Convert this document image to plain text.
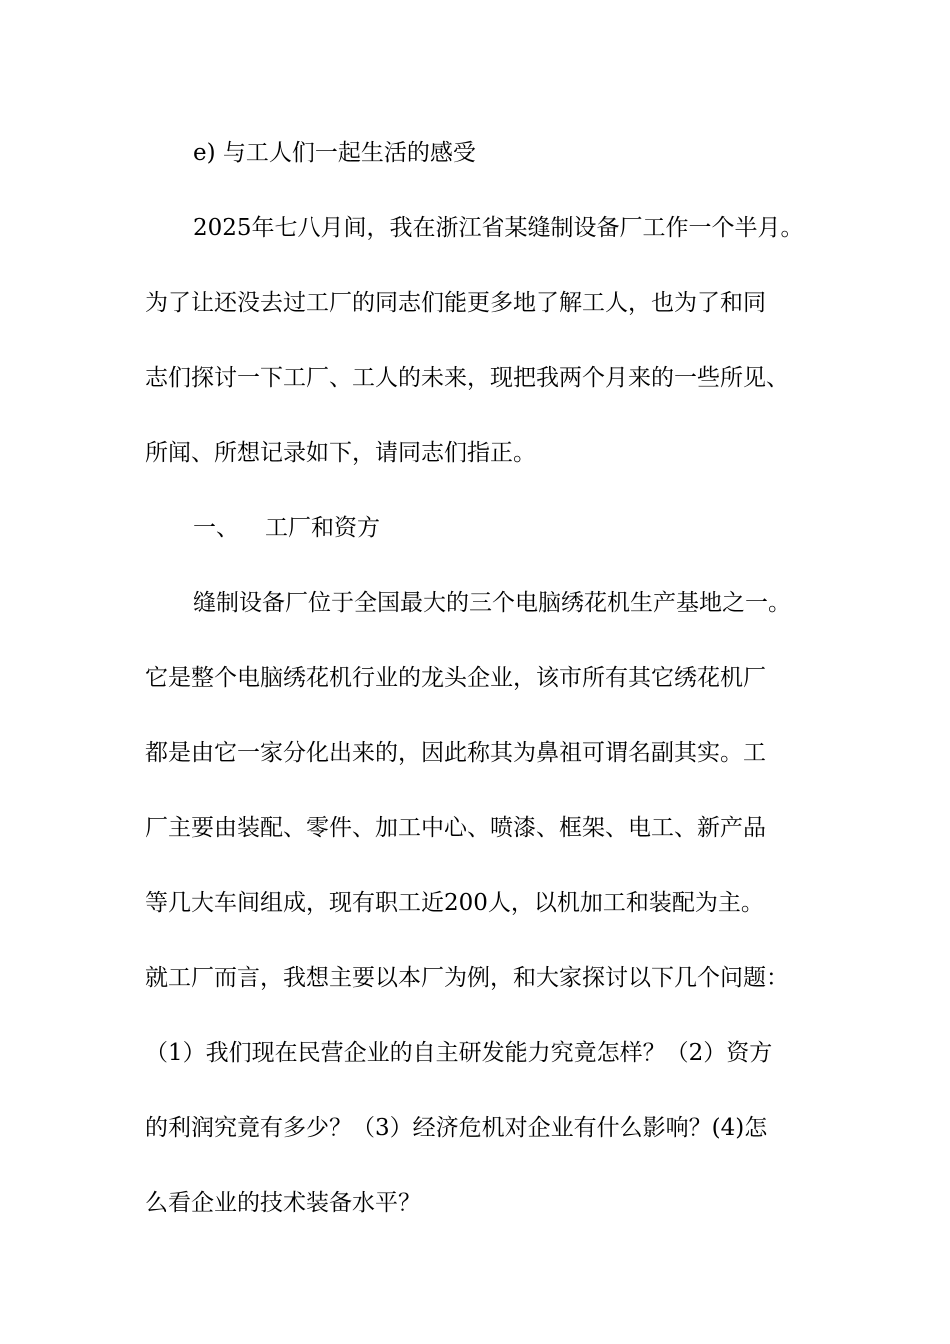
e) 与工人们一起生活的感受
2025年七八月间，我在浙江省某缝制设备厂工作一个半月。
为了让还没去过工厂的同志们能更多地了解工人，也为了和同
志们探讨一下工厂、工人的未来，现把我两个月来的一些所见、
所闻、所想记录如下，请同志们指正。
一、 工厂和资方
缝制设备厂位于全国最大的三个电脑绣花机生产基地之一。
它是整个电脑绣花机行业的龙头企业，该市所有其它绣花机厂
都是由它一家分化出来的，因此称其为鼻祖可谓名副其实。工
厂主要由装配、零件、加工中心、喷漆、框架、电工、新产品
等几大车间组成，现有职工近200人，以机加工和装配为主。
就工厂而言，我想主要以本厂为例，和大家探讨以下几个问题：
（1）我们现在民营企业的自主研发能力究竟怎样？（2）资方
的利润究竟有多少？（3）经济危机对企业有什么影响？(4)怎
么看企业的技术装备水平？
